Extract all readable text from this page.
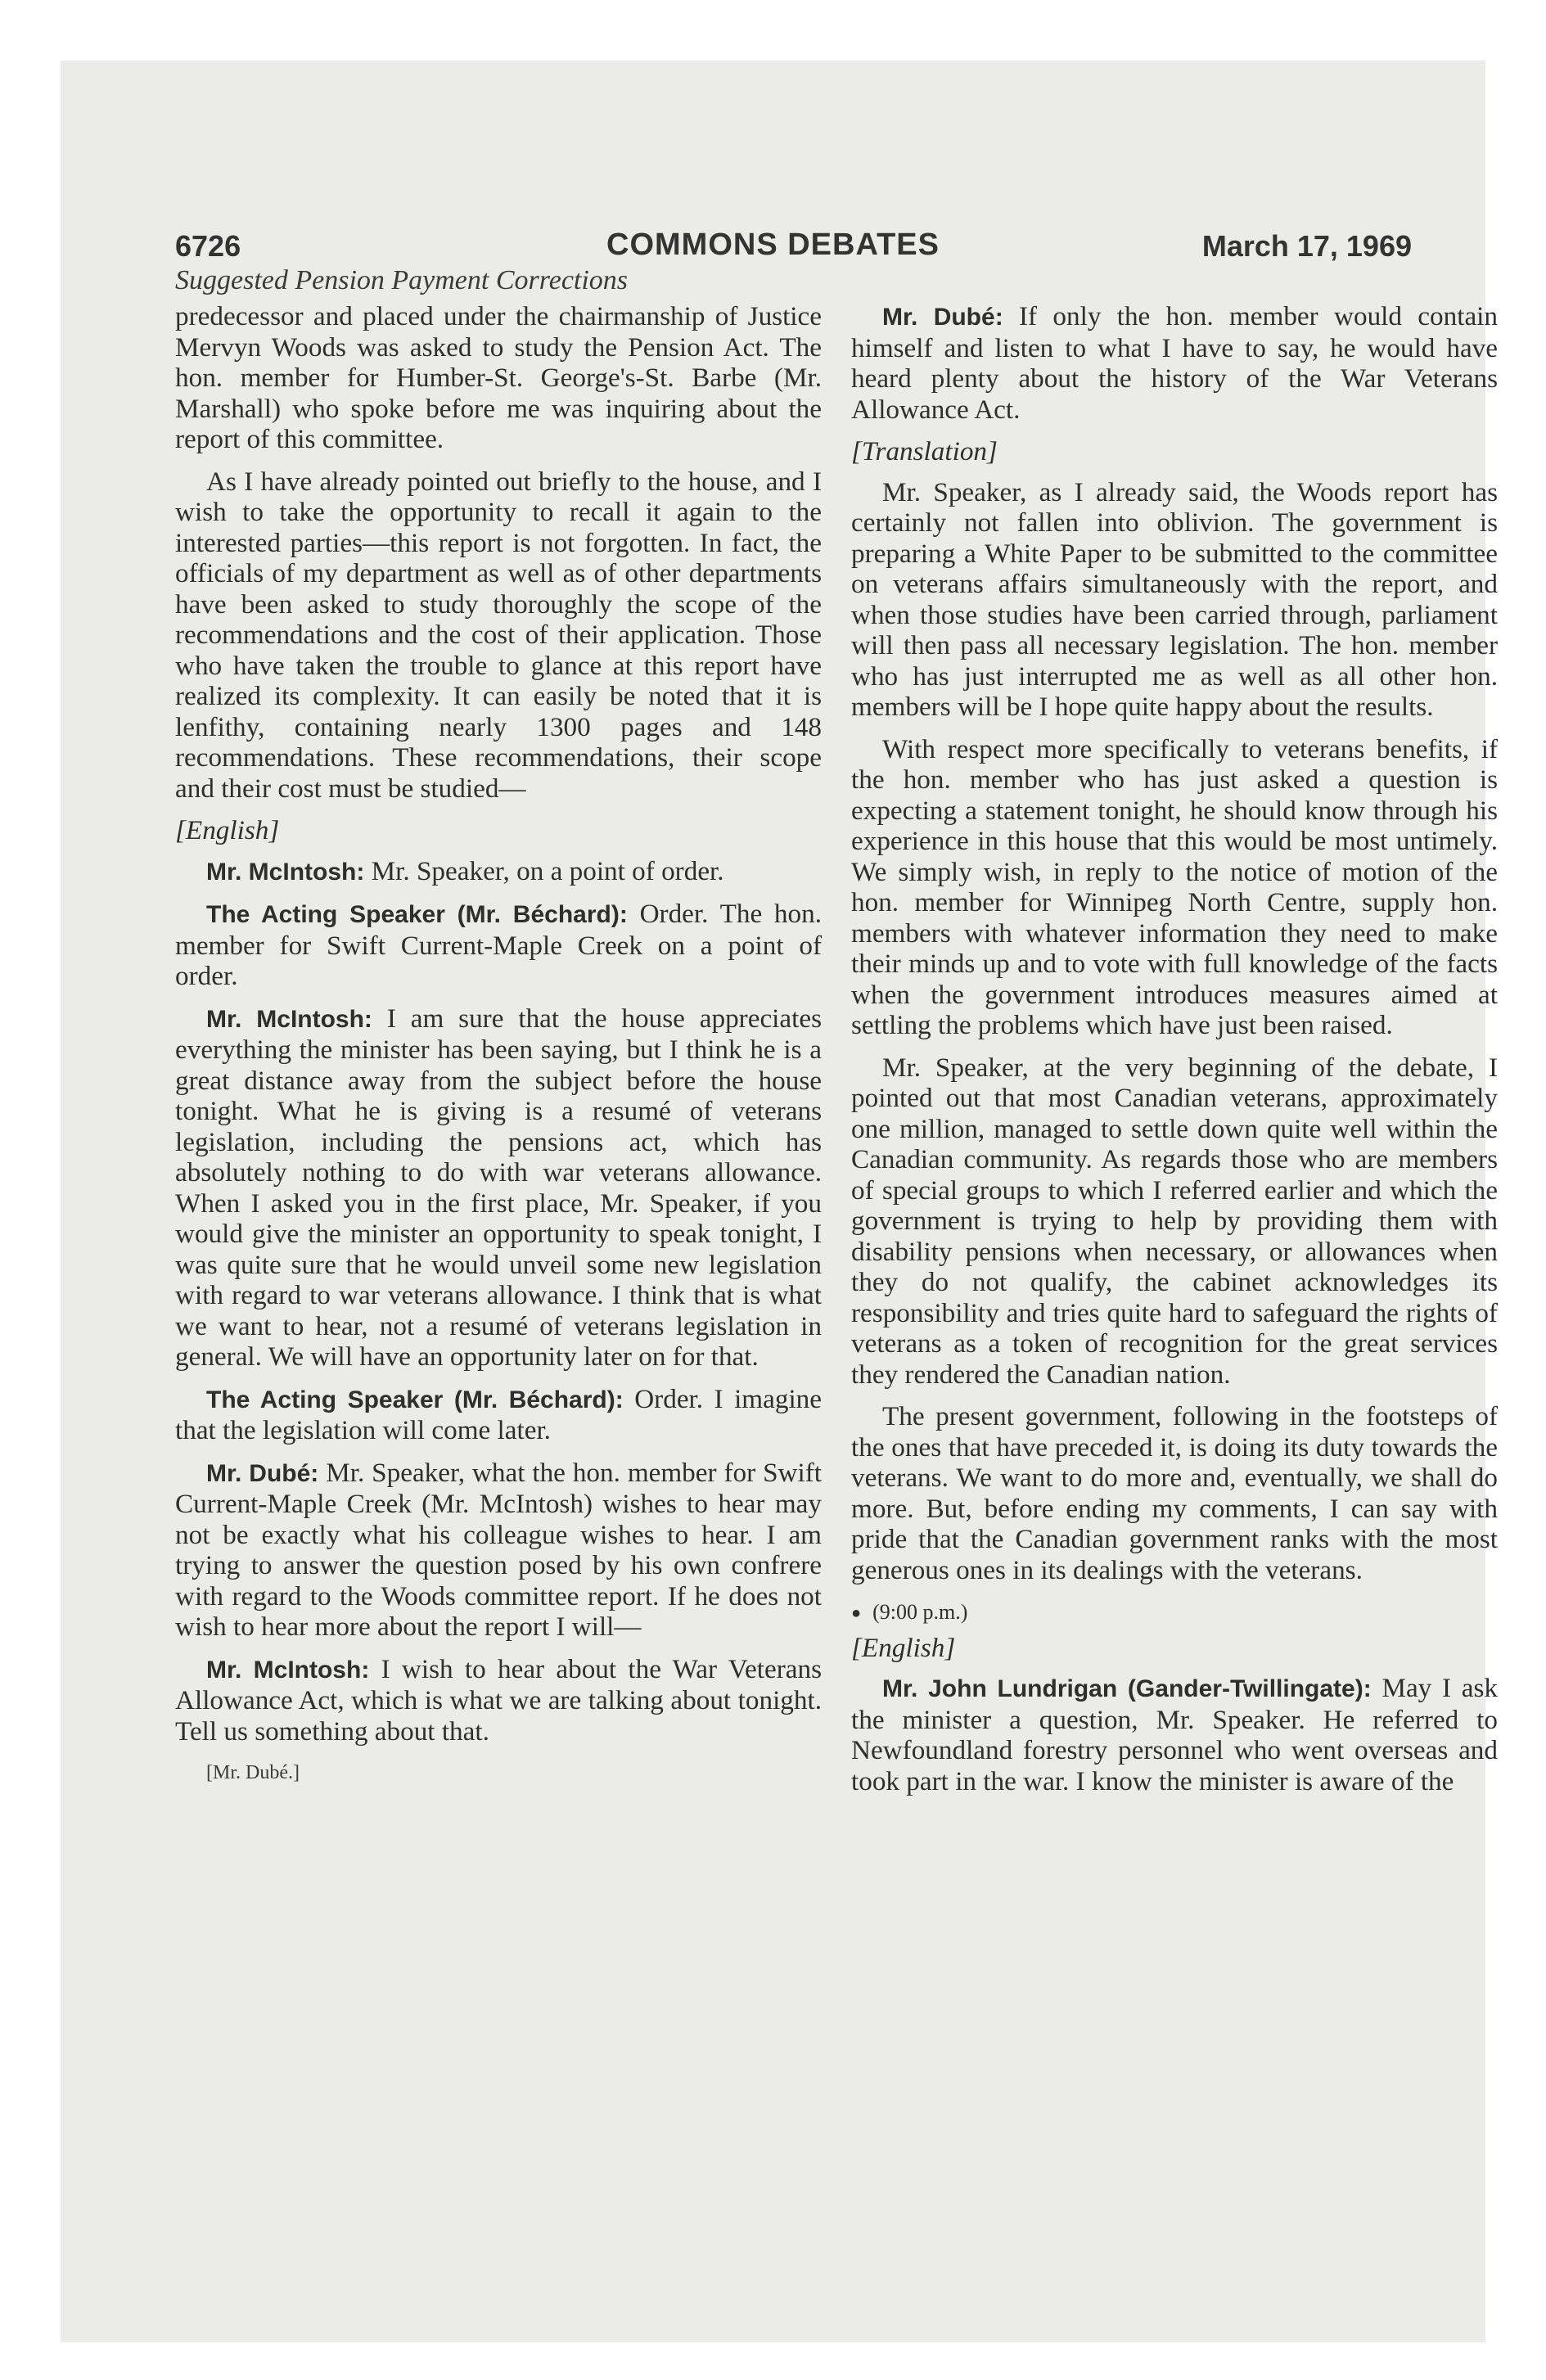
6726	COMMONS DEBATES	March 17, 1969
Suggested Pension Payment Corrections

predecessor and placed under the chairmanship of Justice Mervyn Woods was asked to study the Pension Act. The hon. member for Humber-St. George's-St. Barbe (Mr. Marshall) who spoke before me was inquiring about the report of this committee.

As I have already pointed out briefly to the house, and I wish to take the opportunity to recall it again to the interested parties—this report is not forgotten. In fact, the officials of my department as well as of other departments have been asked to study thoroughly the scope of the recommendations and the cost of their application. Those who have taken the trouble to glance at this report have realized its complexity. It can easily be noted that it is lenfithy, containing nearly 1300 pages and 148 recommendations. These recommendations, their scope and their cost must be studied—

[English]

Mr. McIntosh: Mr. Speaker, on a point of order.

The Acting Speaker (Mr. Béchard): Order. The hon. member for Swift Current-Maple Creek on a point of order.

Mr. McIntosh: I am sure that the house appreciates everything the minister has been saying, but I think he is a great distance away from the subject before the house tonight. What he is giving is a resumé of veterans legislation, including the pensions act, which has absolutely nothing to do with war veterans allowance. When I asked you in the first place, Mr. Speaker, if you would give the minister an opportunity to speak tonight, I was quite sure that he would unveil some new legislation with regard to war veterans allowance. I think that is what we want to hear, not a resumé of veterans legislation in general. We will have an opportunity later on for that.

The Acting Speaker (Mr. Béchard): Order. I imagine that the legislation will come later.

Mr. Dubé: Mr. Speaker, what the hon. member for Swift Current-Maple Creek (Mr. McIntosh) wishes to hear may not be exactly what his colleague wishes to hear. I am trying to answer the question posed by his own confrere with regard to the Woods committee report. If he does not wish to hear more about the report I will—

Mr. McIntosh: I wish to hear about the War Veterans Allowance Act, which is what we are talking about tonight. Tell us something about that.

[Mr. Dubé.]

Mr. Dubé: If only the hon. member would contain himself and listen to what I have to say, he would have heard plenty about the history of the War Veterans Allowance Act.

[Translation]

Mr. Speaker, as I already said, the Woods report has certainly not fallen into oblivion. The government is preparing a White Paper to be submitted to the committee on veterans affairs simultaneously with the report, and when those studies have been carried through, parliament will then pass all necessary legislation. The hon. member who has just interrupted me as well as all other hon. members will be I hope quite happy about the results.

With respect more specifically to veterans benefits, if the hon. member who has just asked a question is expecting a statement tonight, he should know through his experience in this house that this would be most untimely. We simply wish, in reply to the notice of motion of the hon. member for Winnipeg North Centre, supply hon. members with whatever information they need to make their minds up and to vote with full knowledge of the facts when the government introduces measures aimed at settling the problems which have just been raised.

Mr. Speaker, at the very beginning of the debate, I pointed out that most Canadian veterans, approximately one million, managed to settle down quite well within the Canadian community. As regards those who are members of special groups to which I referred earlier and which the government is trying to help by providing them with disability pensions when necessary, or allowances when they do not qualify, the cabinet acknowledges its responsibility and tries quite hard to safeguard the rights of veterans as a token of recognition for the great services they rendered the Canadian nation.

The present government, following in the footsteps of the ones that have preceded it, is doing its duty towards the veterans. We want to do more and, eventually, we shall do more. But, before ending my comments, I can say with pride that the Canadian government ranks with the most generous ones in its dealings with the veterans.

● (9:00 p.m.)

[English]

Mr. John Lundrigan (Gander-Twillingate): May I ask the minister a question, Mr. Speaker. He referred to Newfoundland forestry personnel who went overseas and took part in the war. I know the minister is aware of the
